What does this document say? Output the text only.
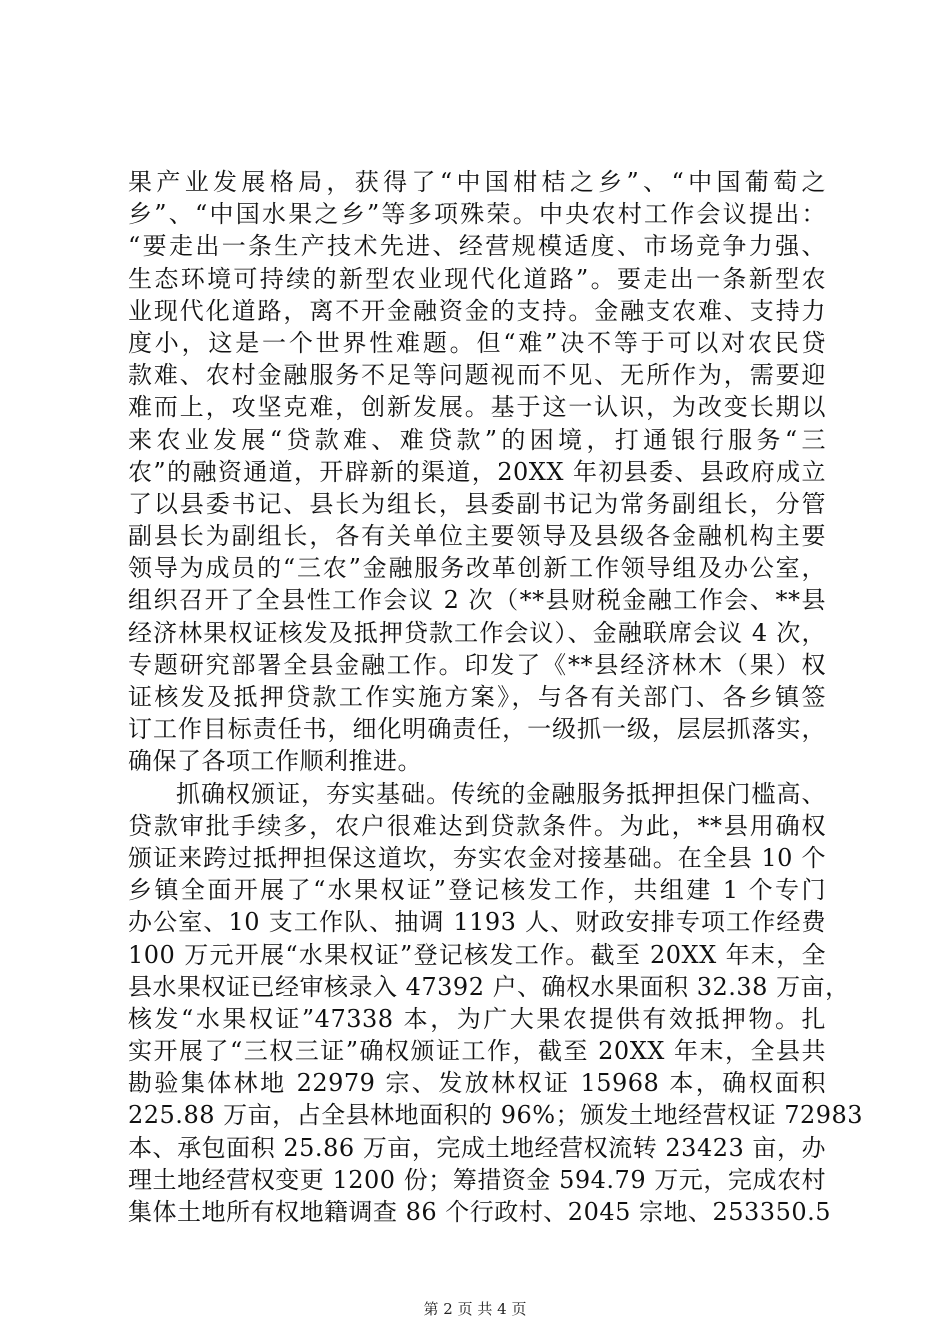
果产业发展格局，获得了“中国柑桔之乡”、“中国葡萄之
乡”、“中国水果之乡”等多项殊荣。中央农村工作会议提出：
“要走出一条生产技术先进、经营规模适度、市场竞争力强、
生态环境可持续的新型农业现代化道路”。要走出一条新型农
业现代化道路，离不开金融资金的支持。金融支农难、支持力
度小，这是一个世界性难题。但“难”决不等于可以对农民贷
款难、农村金融服务不足等问题视而不见、无所作为，需要迎
难而上，攻坚克难，创新发展。基于这一认识，为改变长期以
来农业发展“贷款难、难贷款”的困境，打通银行服务“三
农”的融资通道，开辟新的渠道，20XX 年初县委、县政府成立
了以县委书记、县长为组长，县委副书记为常务副组长，分管
副县长为副组长，各有关单位主要领导及县级各金融机构主要
领导为成员的“三农”金融服务改革创新工作领导组及办公室，
组织召开了全县性工作会议 2 次（**县财税金融工作会、**县
经济林果权证核发及抵押贷款工作会议）、金融联席会议 4 次，
专题研究部署全县金融工作。印发了《**县经济林木（果）权
证核发及抵押贷款工作实施方案》，与各有关部门、各乡镇签
订工作目标责任书，细化明确责任，一级抓一级，层层抓落实，
确保了各项工作顺利推进。
抓确权颁证，夯实基础。传统的金融服务抵押担保门槛高、
贷款审批手续多，农户很难达到贷款条件。为此，**县用确权
颁证来跨过抵押担保这道坎，夯实农金对接基础。在全县 10 个
乡镇全面开展了“水果权证”登记核发工作，共组建 1 个专门
办公室、10 支工作队、抽调 1193 人、财政安排专项工作经费
100 万元开展“水果权证”登记核发工作。截至 20XX 年末，全
县水果权证已经审核录入 47392 户、确权水果面积 32.38 万亩，
核发“水果权证”47338 本，为广大果农提供有效抵押物。扎
实开展了“三权三证”确权颁证工作，截至 20XX 年末，全县共
勘验集体林地 22979 宗、发放林权证 15968 本，确权面积
225.88 万亩，占全县林地面积的 96%；颁发土地经营权证 72983
本、承包面积 25.86 万亩，完成土地经营权流转 23423 亩，办
理土地经营权变更 1200 份；筹措资金 594.79 万元，完成农村
集体土地所有权地籍调查 86 个行政村、2045 宗地、253350.5
第 2 页 共 4 页
